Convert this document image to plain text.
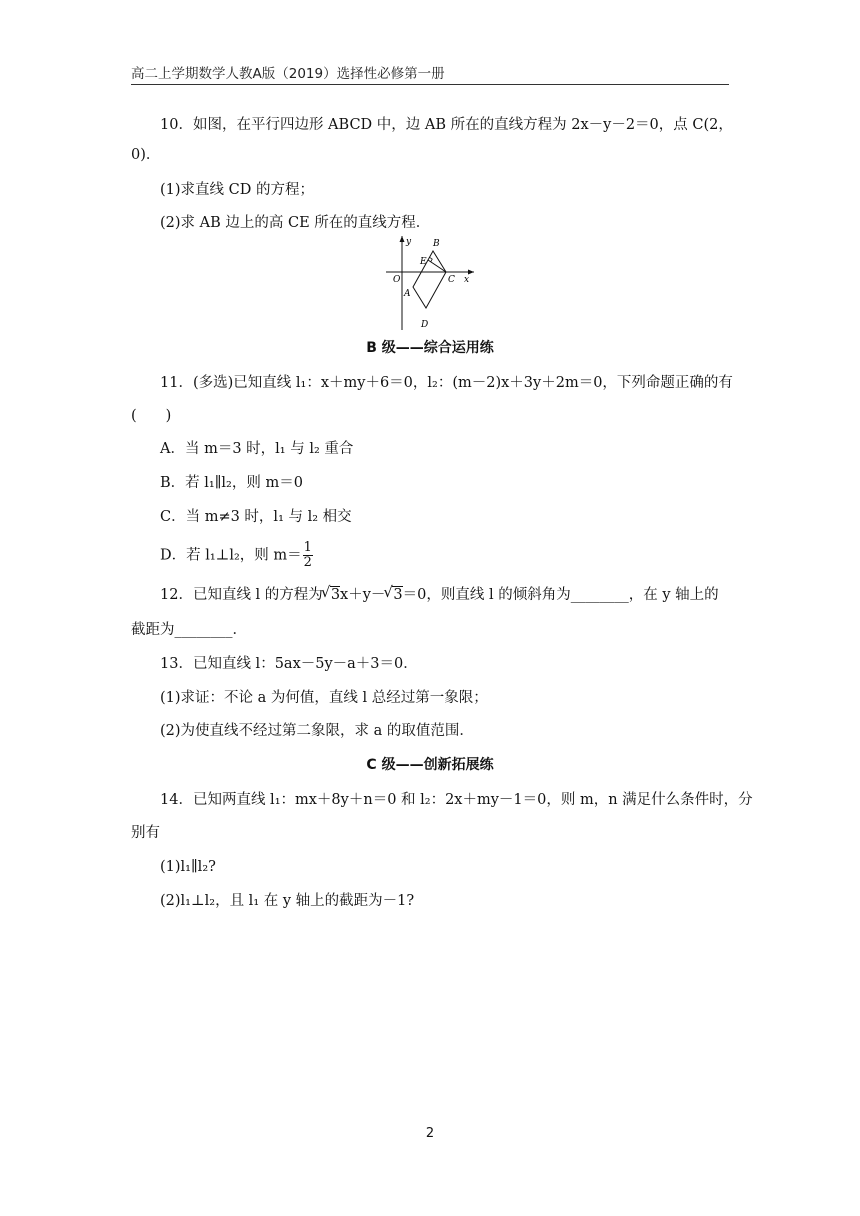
高二上学期数学人教A版（2019）选择性必修第一册
10．如图，在平行四边形 ABCD 中，边 AB 所在的直线方程为 2x－y－2＝0，点 C(2，
0)．
(1)求直线 CD 的方程；
(2)求 AB 边上的高 CE 所在的直线方程．
y
x
O
A
B
C
D
E
B 级——综合运用练
11．(多选)已知直线 l₁：x＋my＋6＝0，l₂：(m－2)x＋3y＋2m＝0，下列命题正确的有
(　　)
A．当 m＝3 时，l₁ 与 l₂ 重合
B．若 l₁∥l₂，则 m＝0
C．当 m≠3 时，l₁ 与 l₂ 相交
D．若 l₁⊥l₂，则 $m= \frac{1}{2}$
12．已知直线 l 的方程为 √ 3x＋y－ √ 3＝0，则直线 l 的倾斜角为________，在 y 轴上的
截距为________．
13．已知直线 l：5ax－5y－a＋3＝0．
(1)求证：不论 a 为何值，直线 l 总经过第一象限；
(2)为使直线不经过第二象限，求 a 的取值范围．
C 级——创新拓展练
14．已知两直线 l₁：mx＋8y＋n＝0 和 l₂：2x＋my－1＝0，则 m，n 满足什么条件时，分
别有
(1)l₁∥l₂?
(2)l₁⊥l₂，且 l₁ 在 y 轴上的截距为－1?
2
